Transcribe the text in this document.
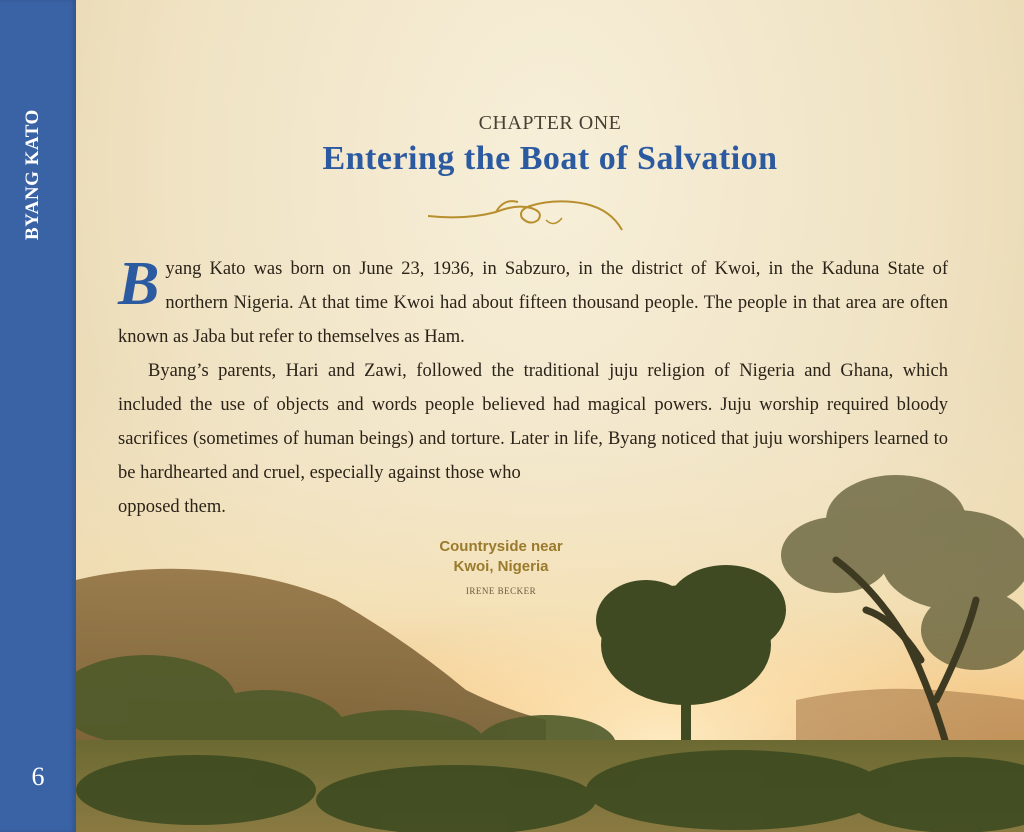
BYANG KATO
6
CHAPTER ONE
Entering the Boat of Salvation

B yang Kato was born on June 23, 1936, in Sabzuro, in the district of Kwoi, in the Kaduna State of northern Nigeria. At that time Kwoi had about fifteen thousand people. The people in that area are often known as Jaba but refer to themselves as Ham.

Byang’s parents, Hari and Zawi, followed the traditional juju religion of Nigeria and Ghana, which included the use of objects and words people believed had magical powers. Juju worship required bloody sacrifices (sometimes of human beings) and torture. Later in life, Byang noticed that juju worshipers learned to be hardhearted and cruel, especially against those who
opposed them.

Countryside near
Kwoi, Nigeria
IRENE BECKER
